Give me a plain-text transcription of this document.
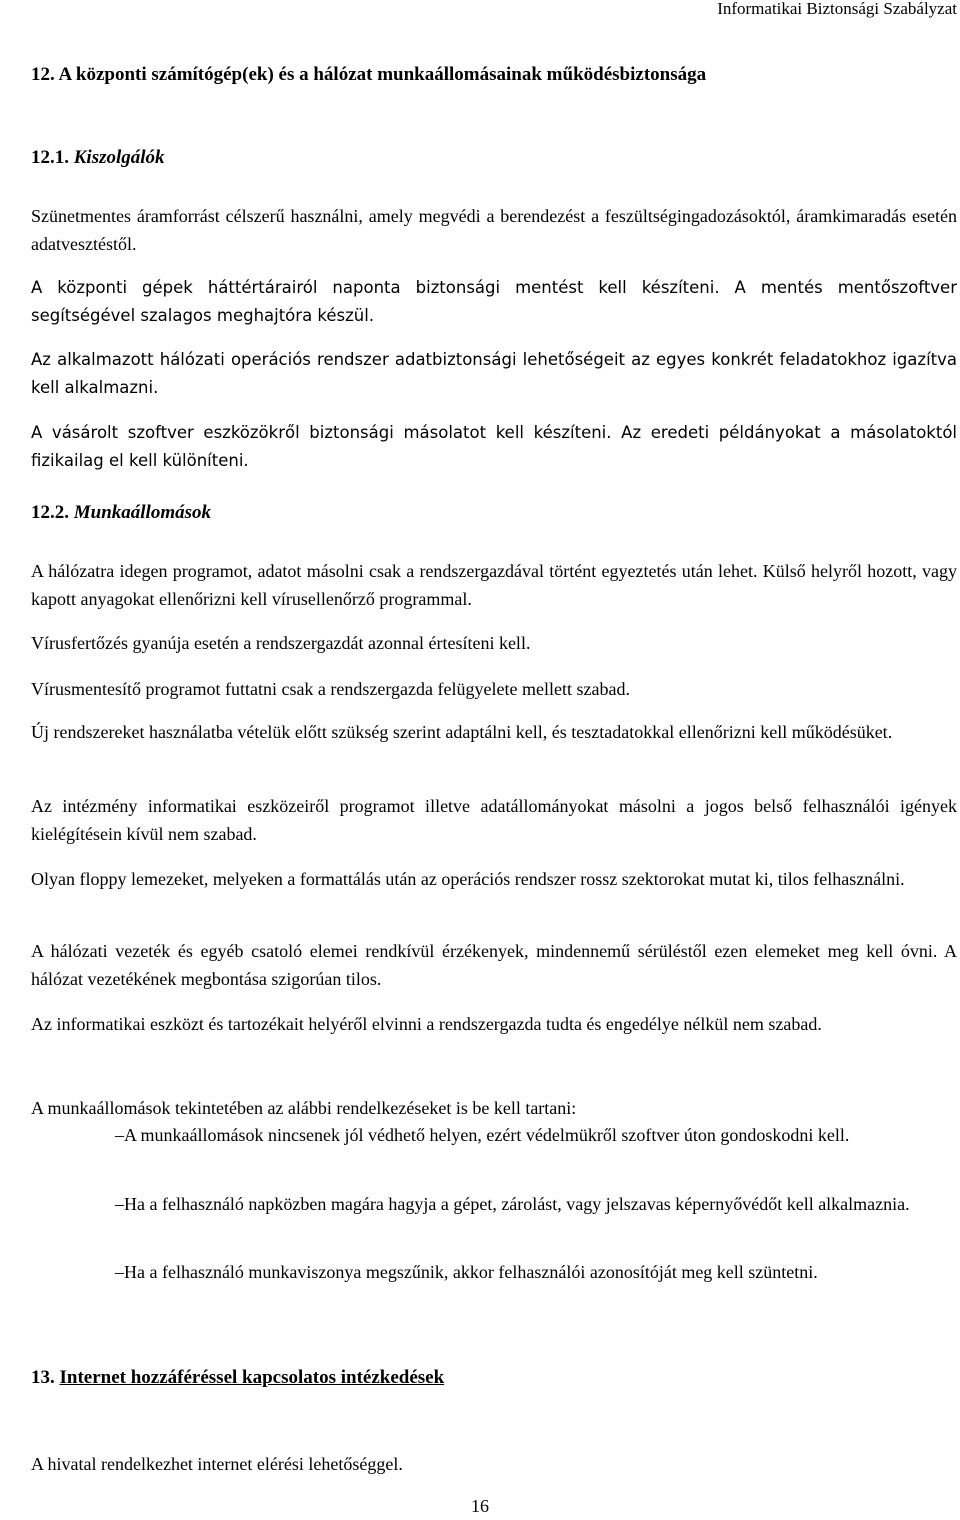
Informatikai Biztonsági Szabályzat
12. A központi számítógép(ek) és a hálózat munkaállomásainak működésbiztonsága
12.1. Kiszolgálók
Szünetmentes áramforrást célszerű használni, amely megvédi a berendezést a feszültségingadozásoktól, áramkimaradás esetén adatvesztéstől.
A központi gépek háttértárairól naponta biztonsági mentést kell készíteni. A mentés mentőszoftver segítségével szalagos meghajtóra készül.
Az alkalmazott hálózati operációs rendszer adatbiztonsági lehetőségeit az egyes konkrét feladatokhoz igazítva kell alkalmazni.
A vásárolt szoftver eszközökről biztonsági másolatot kell készíteni. Az eredeti példányokat a másolatoktól fizikailag el kell különíteni.
12.2. Munkaállomások
A hálózatra idegen programot, adatot másolni csak a rendszergazdával történt egyeztetés után lehet. Külső helyről hozott, vagy kapott anyagokat ellenőrizni kell vírusellenőrző programmal.
Vírusfertőzés gyanúja esetén a rendszergazdát azonnal értesíteni kell.
Vírusmentesítő programot futtatni csak a rendszergazda felügyelete mellett szabad.
Új rendszereket használatba vételük előtt szükség szerint adaptálni kell, és tesztadatokkal ellenőrizni kell működésüket.
Az intézmény informatikai eszközeiről programot illetve adatállományokat másolni a jogos belső felhasználói igények kielégítésein kívül nem szabad.
Olyan floppy lemezeket, melyeken a formattálás után az operációs rendszer rossz szektorokat mutat ki, tilos felhasználni.
A hálózati vezeték és egyéb csatoló elemei rendkívül érzékenyek, mindennemű sérüléstől ezen elemeket meg kell óvni. A hálózat vezetékének megbontása szigorúan tilos.
Az informatikai eszközt és tartozékait helyéről elvinni a rendszergazda tudta és engedélye nélkül nem szabad.
A munkaállomások tekintetében az alábbi rendelkezéseket is be kell tartani:
–A munkaállomások nincsenek jól védhető helyen, ezért védelmükről szoftver úton gondoskodni kell.
–Ha a felhasználó napközben magára hagyja a gépet, zárolást, vagy jelszavas képernyővédőt kell alkalmaznia.
–Ha a felhasználó munkaviszonya megszűnik, akkor felhasználói azonosítóját meg kell szüntetni.
13. Internet hozzáféréssel kapcsolatos intézkedések
A hivatal rendelkezhet internet elérési lehetőséggel.
16
